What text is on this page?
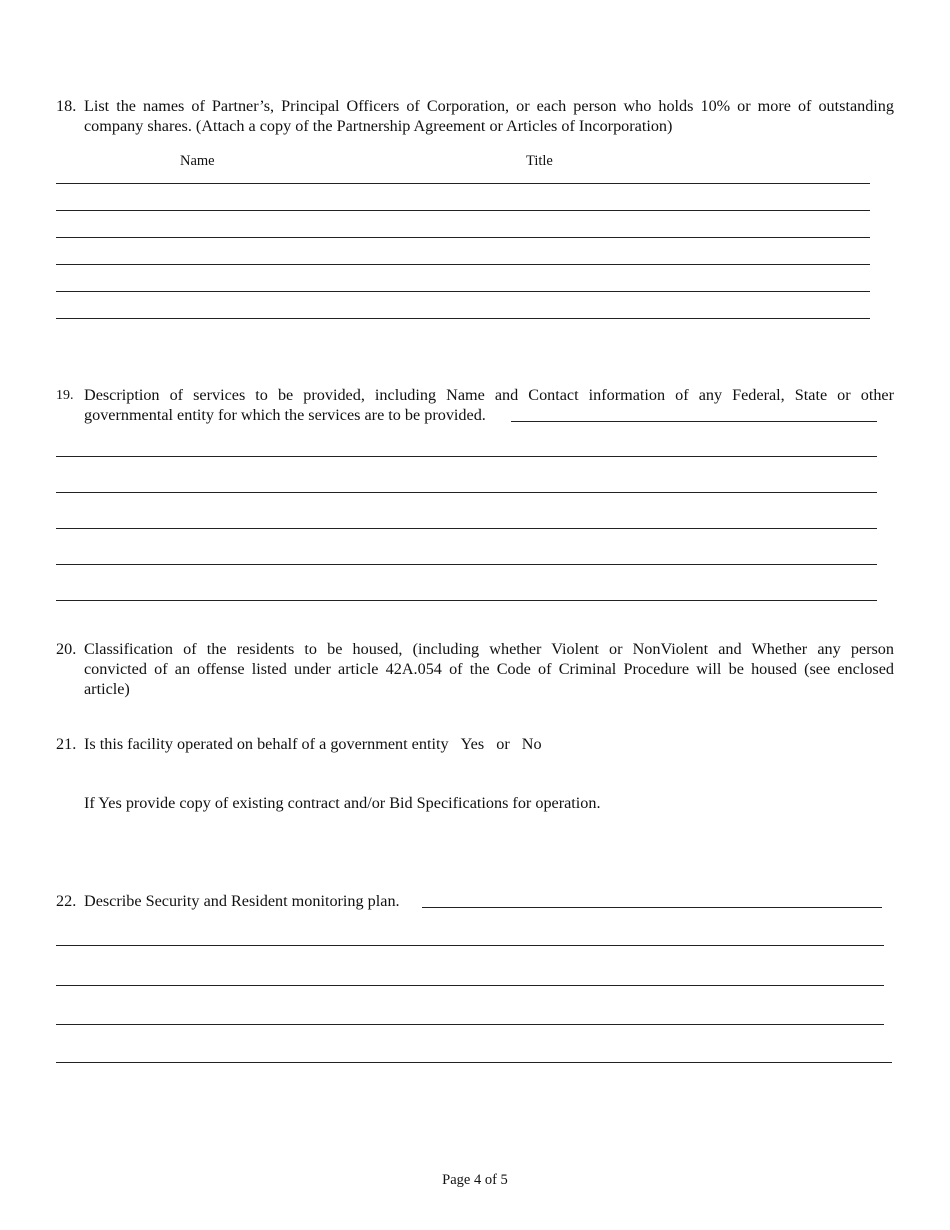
18. List the names of Partner’s, Principal Officers of Corporation, or each person who holds 10% or more of outstanding
company shares. (Attach a copy of the Partnership Agreement or Articles of Incorporation)
Name	Title
19. Description of services to be provided, including Name and Contact information of any Federal, State or other
governmental entity for which the services are to be provided.
20. Classification of the residents to be housed, (including whether Violent or NonViolent and Whether any person
convicted of an offense listed under article 42A.054 of the Code of Criminal Procedure will be housed (see enclosed
article)
21. Is this facility operated on behalf of a government entity Yes or No
If Yes provide copy of existing contract and/or Bid Specifications for operation.
22. Describe Security and Resident monitoring plan.
Page 4 of 5
